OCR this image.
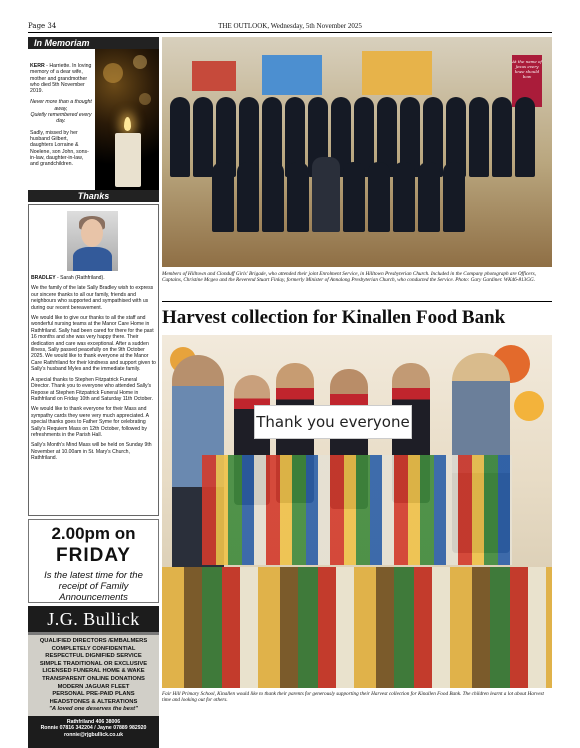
Page 34	THE OUTLOOK, Wednesday, 5th November 2025
In Memoriam
KERR - Harriette. In loving memory of a dear wife, mother and grandmother who died 5th November 2019.
Never more than a thought away,
Quietly remembered every day.
Sadly, missed by her husband Gilbert, daughters Lorraine & Noelene, son John, sons-in-law, daughter-in-law, and grandchildren.
Thanks

BRADLEY - Sarah (Rathfriland).

We the family of the late Sally Bradley wish to express our sincere thanks to all our family, friends and neighbours who supported and sympathised with us during our recent bereavement.

We would like to give our thanks to all the staff and wonderful nursing teams at the Manor Care Home in Rathfriland. Sally had been cared for there for the past 16 months and she was very happy there. Their dedication and care was exceptional. After a sudden illness, Sally passed peacefully on the 9th October 2025. We would like to thank everyone at the Manor Care Rathfriland for their kindness and support given to Sally's husband Myles and the immediate family.

A special thanks to Stephen Fitzpatrick Funeral Director. Thank you to everyone who attended Sally's Repose at Stephen Fitzpatrick Funeral Home in Rathfriland on Friday 10th and Saturday 11th October.

We would like to thank everyone for their Mass and sympathy cards they were very much appreciated. A special thanks goes to Father Syme for celebrating Sally's Requiem Mass on 12th October, followed by refreshments in the Parish Hall.

Sally's Month's Mind Mass will be held on Sunday 9th November at 10.00am in St. Mary's Church, Rathfriland.

2.00pm on
FRIDAY
Is the latest time for the receipt of Family Announcements
J.G. Bullick
QUALIFIED DIRECTORS /EMBALMERS
COMPLETELY CONFIDENTIAL
RESPECTFUL DIGNIFIED SERVICE
SIMPLE TRADITIONAL OR EXCLUSIVE
LICENSED FUNERAL HOME & WAKE
TRANSPARENT ONLINE DONATIONS
MODERN JAGUAR FLEET
PERSONAL PRE-PAID PLANS
HEADSTONES & ALTERATIONS
"A loved one deserves the best"
Rathfriland 406 38006
Ronnie 07816 342204 / Jayne 07889 982920
ronnie@rjgbullick.co.uk
At the name of Jesus every knee should bow
Members of Hilltown and Clonduff Girls' Brigade, who attended their joint Enrolment Service, in Hilltown Presbyterian Church. Included in the Company photograph are Officers, Captains, Christine Mcgeo and the Reverend Stuart Finlay, formerly Minister of Annalong Presbyterian Church, who conducted the Service. Photo: Gary Gardiner. WK46-813GG.
Harvest collection for Kinallen Food Bank
Thank you everyone
Fair Hill Primary School, Kinallen would like to thank their parents for generously supporting their Harvest collection for Kinallen Food Bank. The children learnt a lot about Harvest time and looking out for others.
